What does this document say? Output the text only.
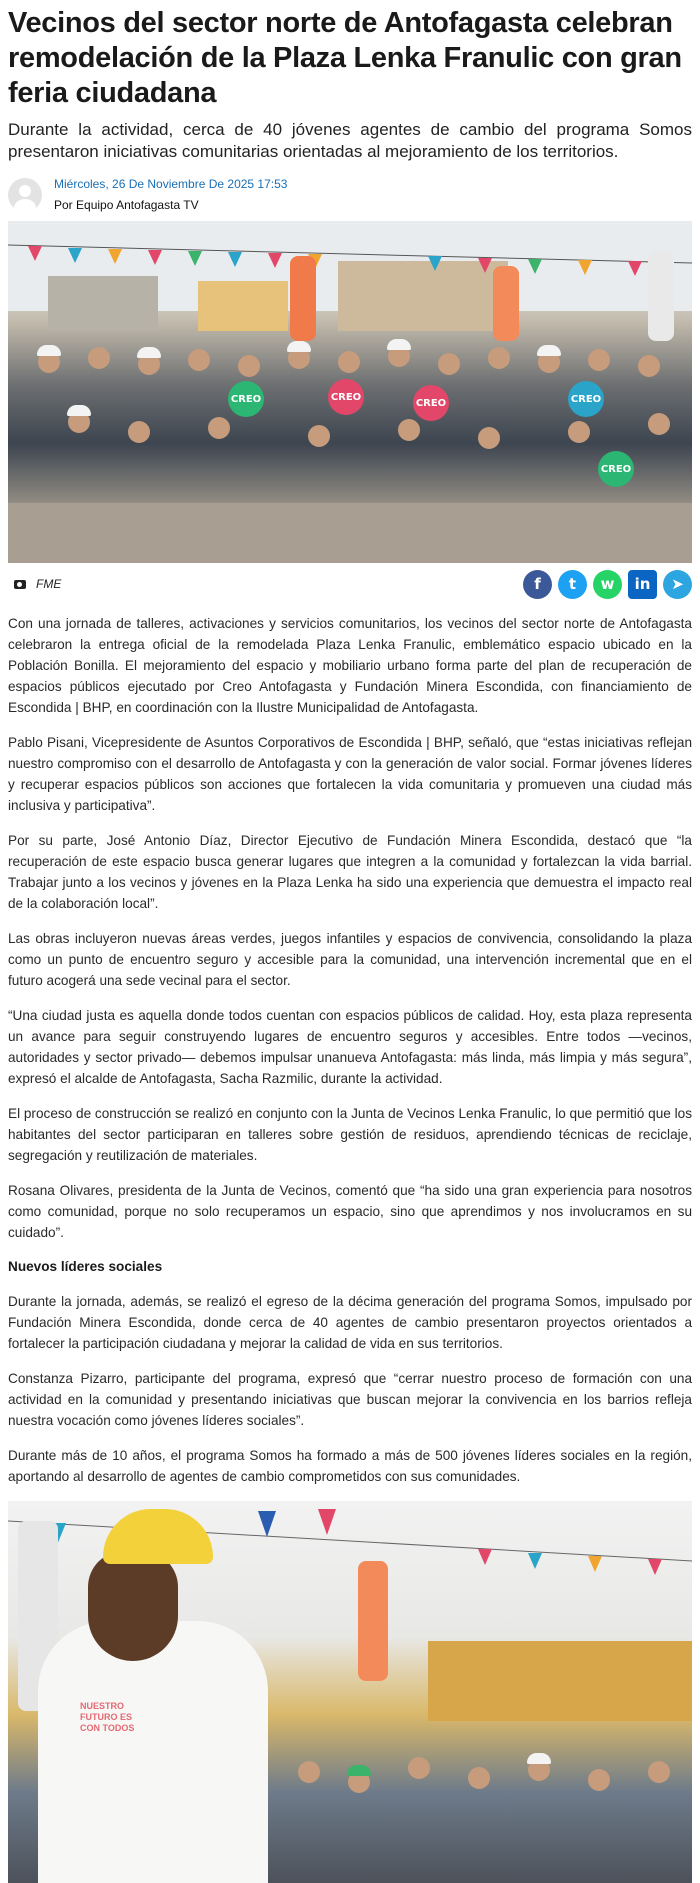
Vecinos del sector norte de Antofagasta celebran remodelación de la Plaza Lenka Franulic con gran feria ciudadana

Durante la actividad, cerca de 40 jóvenes agentes de cambio del programa Somos presentaron iniciativas comunitarias orientadas al mejoramiento de los territorios.

Miércoles, 26 De Noviembre De 2025 17:53
Por Equipo Antofagasta TV
CREO	CREO
CREO	CREO
CREO
FME	f	t	w	in	➤

Con una jornada de talleres, activaciones y servicios comunitarios, los vecinos del sector norte de Antofagasta celebraron la entrega oficial de la remodelada Plaza Lenka Franulic, emblemático espacio ubicado en la Población Bonilla. El mejoramiento del espacio y mobiliario urbano forma parte del plan de recuperación de espacios públicos ejecutado por Creo Antofagasta y Fundación Minera Escondida, con financiamiento de Escondida | BHP, en coordinación con la Ilustre Municipalidad de Antofagasta.

Pablo Pisani, Vicepresidente de Asuntos Corporativos de Escondida | BHP, señaló, que “estas iniciativas reflejan nuestro compromiso con el desarrollo de Antofagasta y con la generación de valor social. Formar jóvenes líderes y recuperar espacios públicos son acciones que fortalecen la vida comunitaria y promueven una ciudad más inclusiva y participativa”.

Por su parte, José Antonio Díaz, Director Ejecutivo de Fundación Minera Escondida, destacó que “la recuperación de este espacio busca generar lugares que integren a la comunidad y fortalezcan la vida barrial. Trabajar junto a los vecinos y jóvenes en la Plaza Lenka ha sido una experiencia que demuestra el impacto real de la colaboración local”.

Las obras incluyeron nuevas áreas verdes, juegos infantiles y espacios de convivencia, consolidando la plaza como un punto de encuentro seguro y accesible para la comunidad, una intervención incremental que en el futuro acogerá una sede vecinal para el sector.

“Una ciudad justa es aquella donde todos cuentan con espacios públicos de calidad. Hoy, esta plaza representa un avance para seguir construyendo lugares de encuentro seguros y accesibles. Entre todos —vecinos, autoridades y sector privado— debemos impulsar unanueva Antofagasta: más linda, más limpia y más segura”, expresó el alcalde de Antofagasta, Sacha Razmilic, durante la actividad.

El proceso de construcción se realizó en conjunto con la Junta de Vecinos Lenka Franulic, lo que permitió que los habitantes del sector participaran en talleres sobre gestión de residuos, aprendiendo técnicas de reciclaje, segregación y reutilización de materiales.

Rosana Olivares, presidenta de la Junta de Vecinos, comentó que “ha sido una gran experiencia para nosotros como comunidad, porque no solo recuperamos un espacio, sino que aprendimos y nos involucramos en su cuidado”.

Nuevos líderes sociales

Durante la jornada, además, se realizó el egreso de la décima generación del programa Somos, impulsado por Fundación Minera Escondida, donde cerca de 40 agentes de cambio presentaron proyectos orientados a fortalecer la participación ciudadana y mejorar la calidad de vida en sus territorios.

Constanza Pizarro, participante del programa, expresó que “cerrar nuestro proceso de formación con una actividad en la comunidad y presentando iniciativas que buscan mejorar la convivencia en los barrios refleja nuestra vocación como jóvenes líderes sociales”.

Durante más de 10 años, el programa Somos ha formado a más de 500 jóvenes líderes sociales en la región, aportando al desarrollo de agentes de cambio comprometidos con sus comunidades.

NUESTRO FUTURO ES CON TODOS
